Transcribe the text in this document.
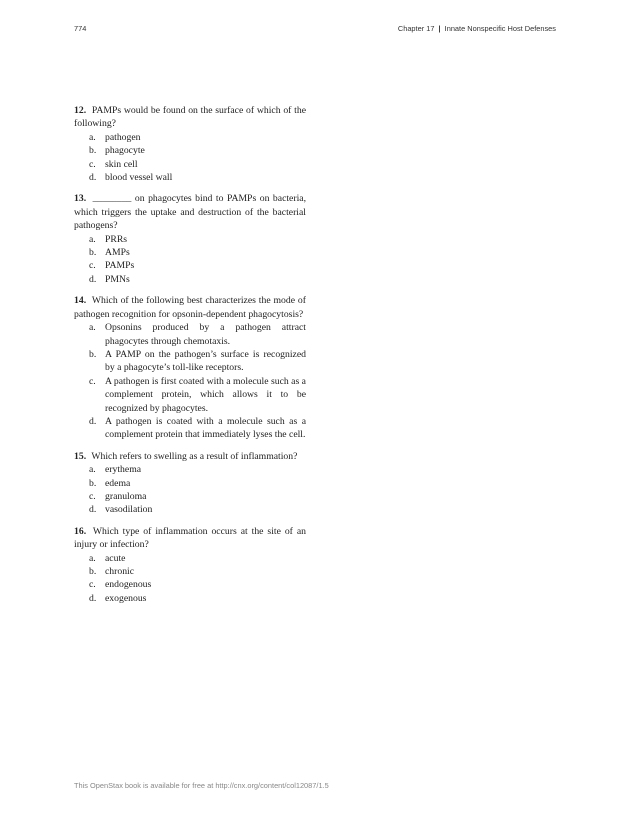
774	Chapter 17 | Innate Nonspecific Host Defenses

12. PAMPs would be found on the surface of which of the following?

a. pathogen
b. phagocyte
c. skin cell
d. blood vessel wall

13. ________ on phagocytes bind to PAMPs on bacteria, which triggers the uptake and destruction of the bacterial pathogens?

a. PRRs
b. AMPs
c. PAMPs
d. PMNs

14. Which of the following best characterizes the mode of pathogen recognition for opsonin-dependent phagocytosis?

a. Opsonins produced by a pathogen attract phagocytes through chemotaxis.
b. A PAMP on the pathogen’s surface is recognized by a phagocyte’s toll-like receptors.
c. A pathogen is first coated with a molecule such as a complement protein, which allows it to be recognized by phagocytes.
d. A pathogen is coated with a molecule such as a complement protein that immediately lyses the cell.

15. Which refers to swelling as a result of inflammation?

a. erythema
b. edema
c. granuloma
d. vasodilation

16. Which type of inflammation occurs at the site of an injury or infection?

a. acute
b. chronic
c. endogenous
d. exogenous
This OpenStax book is available for free at http://cnx.org/content/col12087/1.5
